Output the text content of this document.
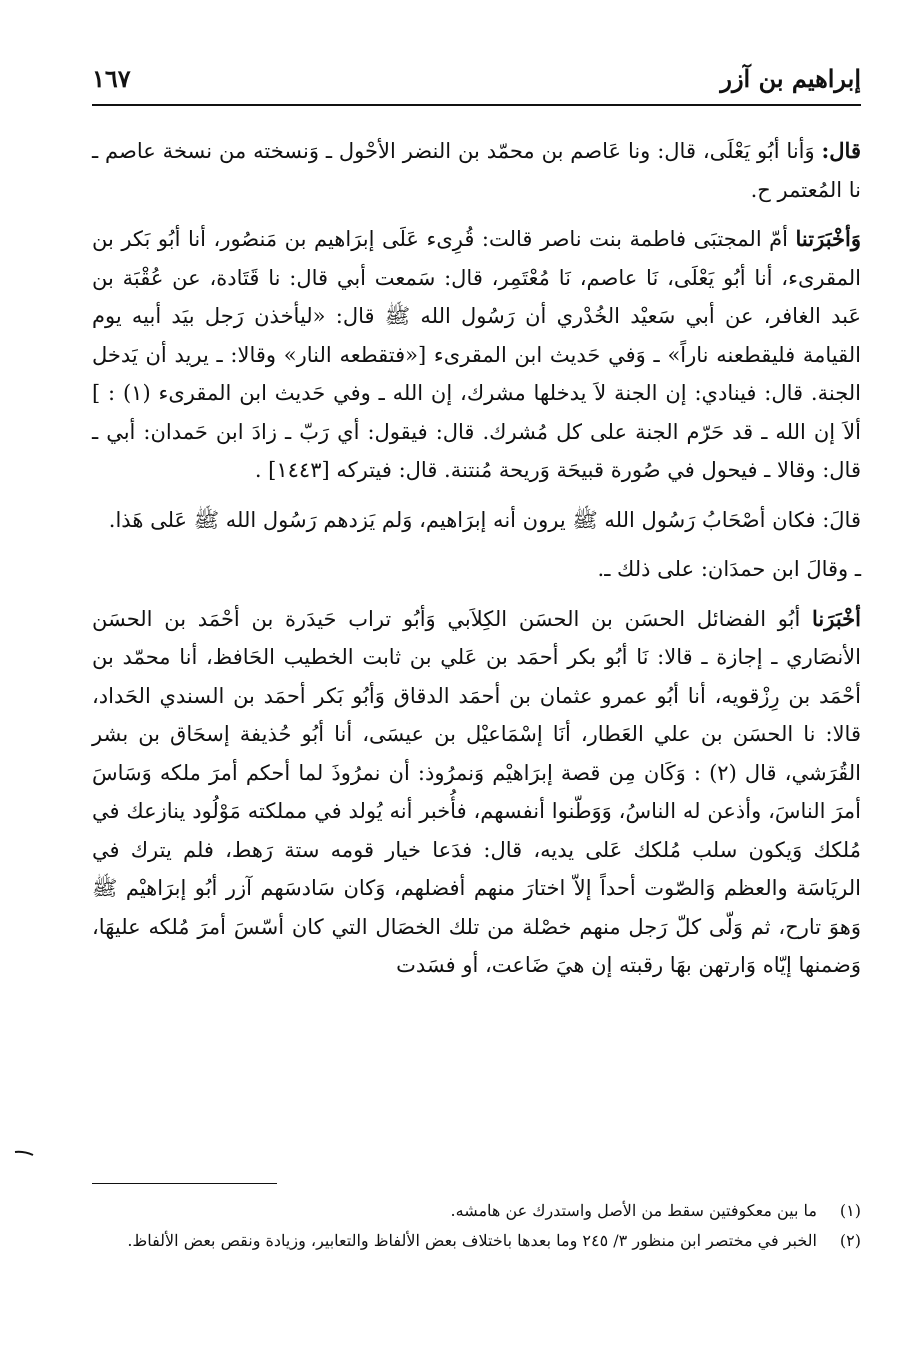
إبراهيم بن آزر
١٦٧

قال: وَأنا أبُو يَعْلَى، قال: ونا عَاصم بن محمّد بن النضر الأحْول ـ وَنسخته من نسخة عاصم ـ نا المُعتمر ح.

وَأخْبَرَتنا أمّ المجتبَى فاطمة بنت ناصر قالت: قُرِىء عَلَى إبرَاهيم بن مَنصُور، أنا أبُو بَكر بن المقرىء، أنا أبُو يَعْلَى، نَا عاصم، نَا مُعْتَمِر، قال: سَمعت أبي قال: نا قَتَادة، عن عُقْبَة بن عَبد الغافر، عن أبي سَعيْد الخُدْري أن رَسُول الله ﷺ قال: «ليأخذن رَجل بيَد أبيه يوم القيامة فليقطعنه ناراً» ـ وَفي حَديث ابن المقرىء [«فتقطعه النار» وقالا: ـ يريد أن يَدخل الجنة. قال: فينادي: إن الجنة لاَ يدخلها مشرك، إن الله ـ وفي حَديث ابن المقرىء (١) : ] ألاَ إن الله ـ قد حَرّم الجنة على كل مُشرك. قال: فيقول: أي رَبّ ـ زادَ ابن حَمدان: أبي ـ قال: وقالا ـ فيحول في صُورة قبيحَة وَريحة مُنتنة. قال: فيتركه [١٤٤٣] .

قالَ: فكان أصْحَابُ رَسُول الله ﷺ يرون أنه إبرَاهيم، وَلم يَزدهم رَسُول الله ﷺ عَلى هَذا.

ـ وقالَ ابن حمدَان: على ذلك ـ.

أخْبَرَنا أبُو الفضائل الحسَن بن الحسَن الكِلاَبي وَأبُو تراب حَيدَرة بن أحْمَد بن الحسَن الأنصَاري ـ إجازة ـ قالا: نَا أبُو بكر أحمَد بن عَلي بن ثابت الخطيب الحَافظ، أنا محمّد بن أحْمَد بن رِزْقويه، أنا أبُو عمرو عثمان بن أحمَد الدقاق وَأبُو بَكر أحمَد بن السندي الحَداد، قالا: نا الحسَن بن علي العَطار، أنَا إسْمَاعيْل بن عيسَى، أنا أبُو حُذيفة إسحَاق بن بشر القُرَشي، قال (٢) : وَكَان مِن قصة إبرَاهيْم وَنمرُوذ: أن نمرُوذَ لما أحكم أمرَ ملكه وَسَاسَ أمرَ الناسَ، وأذعن له الناسُ، وَوَطّنوا أنفسهم، فأُخبر أنه يُولد في مملكته مَوْلُود ينازعك في مُلكك وَيكون سلب مُلكك عَلى يديه، قال: فدَعا خيار قومه ستة رَهط، فلم يترك في الريَاسَة والعظم وَالصّوت أحداً إلاّ اختارَ منهم أفضلهم، وَكان سَادسَهم آزر أبُو إبرَاهيْم ﷺ وَهوَ تارح، ثم وَلّى كلّ رَجل منهم خصْلة من تلك الخصَال التي كان أسّسَ أمرَ مُلكه عليهَا، وَضمنها إيّاه وَارتهن بهَا رقبته إن هيَ ضَاعت، أو فسَدت

(١)
ما بين معكوفتين سقط من الأصل واستدرك عن هامشه.

(٢)
الخبر في مختصر ابن منظور ٣/ ٢٤٥ وما بعدها باختلاف بعض الألفاظ والتعابير، وزيادة ونقص بعض الألفاظ.
